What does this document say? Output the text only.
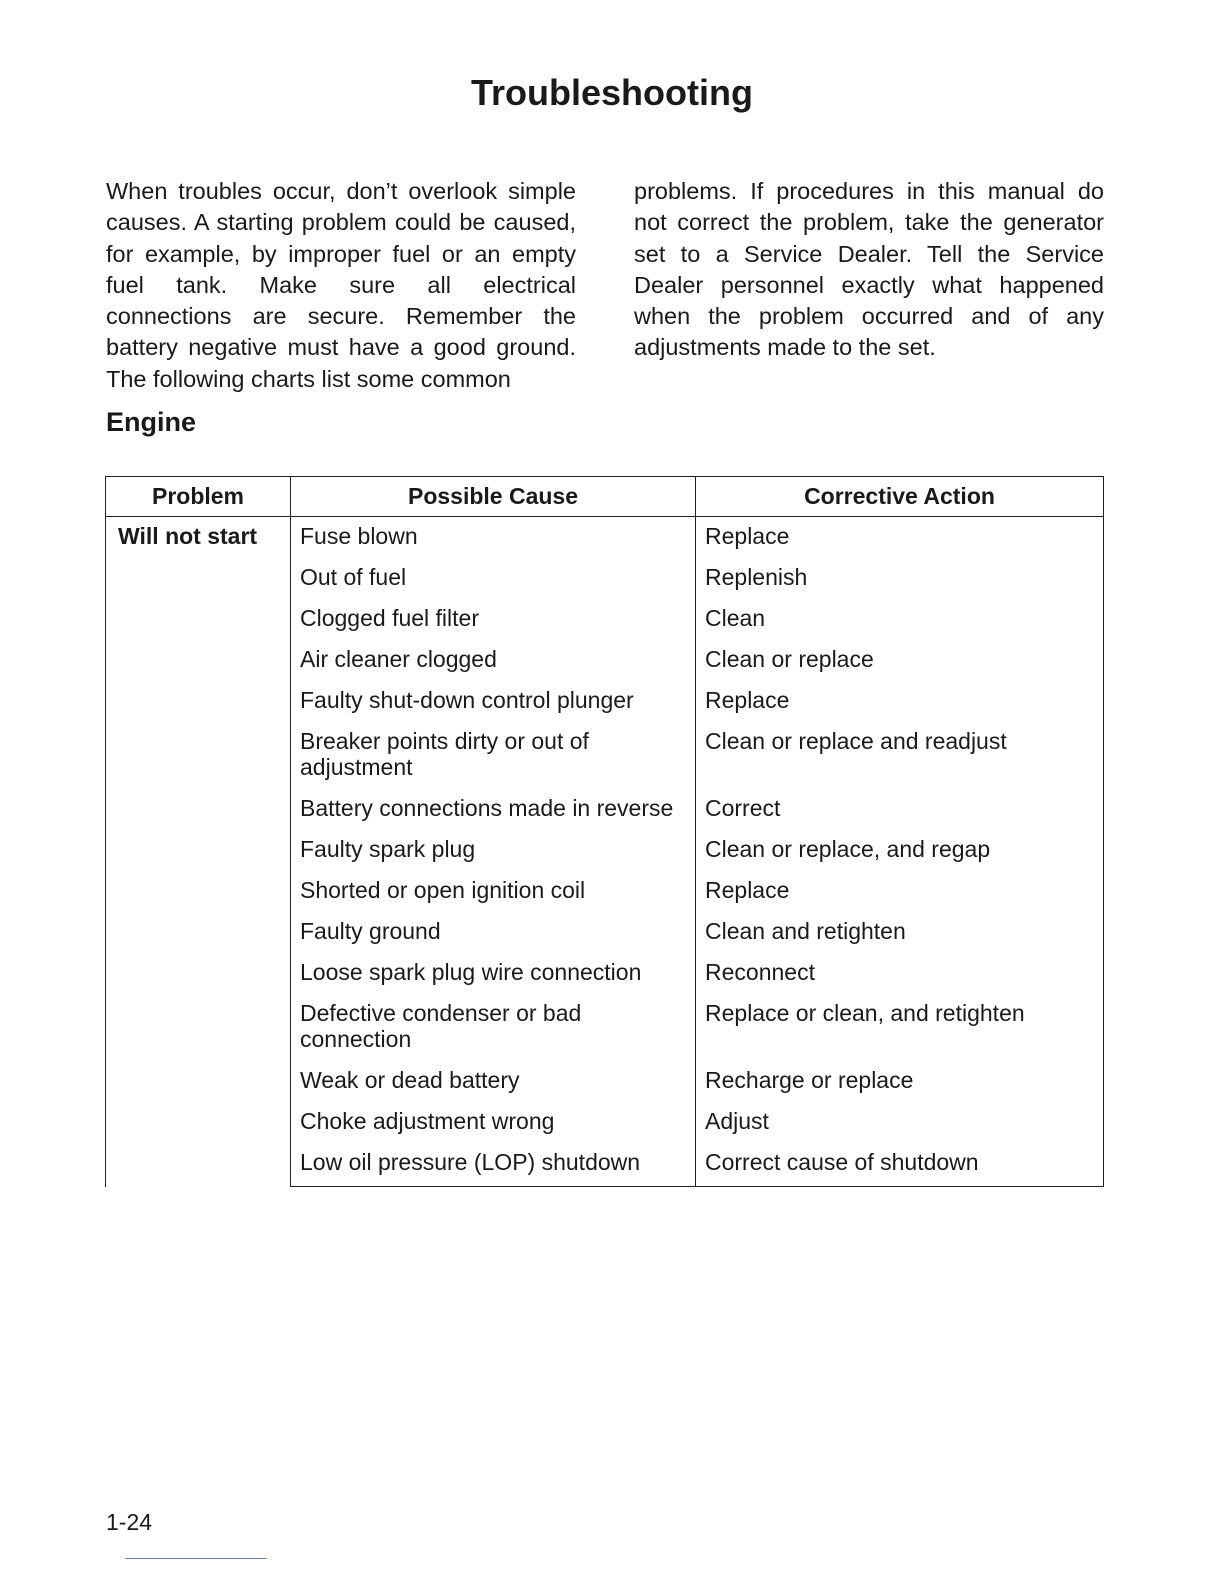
Troubleshooting

When troubles occur, don’t overlook simple causes. A starting problem could be caused, for example, by improper fuel or an empty fuel tank. Make sure all electrical connections are secure. Remember the battery negative must have a good ground. The following charts list some common

problems. If procedures in this manual do not correct the problem, take the generator set to a Service Dealer. Tell the Service Dealer personnel exactly what happened when the problem occurred and of any adjustments made to the set.

Engine
Problem	Possible Cause	Corrective Action
Will not start	Fuse blown	Replace
	Out of fuel	Replenish
	Clogged fuel filter	Clean
	Air cleaner clogged	Clean or replace
	Faulty shut-down control plunger	Replace
	Breaker points dirty or out of adjustment	Clean or replace and readjust
	Battery connections made in reverse	Correct
	Faulty spark plug	Clean or replace, and regap
	Shorted or open ignition coil	Replace
	Faulty ground	Clean and retighten
	Loose spark plug wire connection	Reconnect
	Defective condenser or bad connection	Replace or clean, and retighten
	Weak or dead battery	Recharge or replace
	Choke adjustment wrong	Adjust
	Low oil pressure (LOP) shutdown	Correct cause of shutdown

1-24
